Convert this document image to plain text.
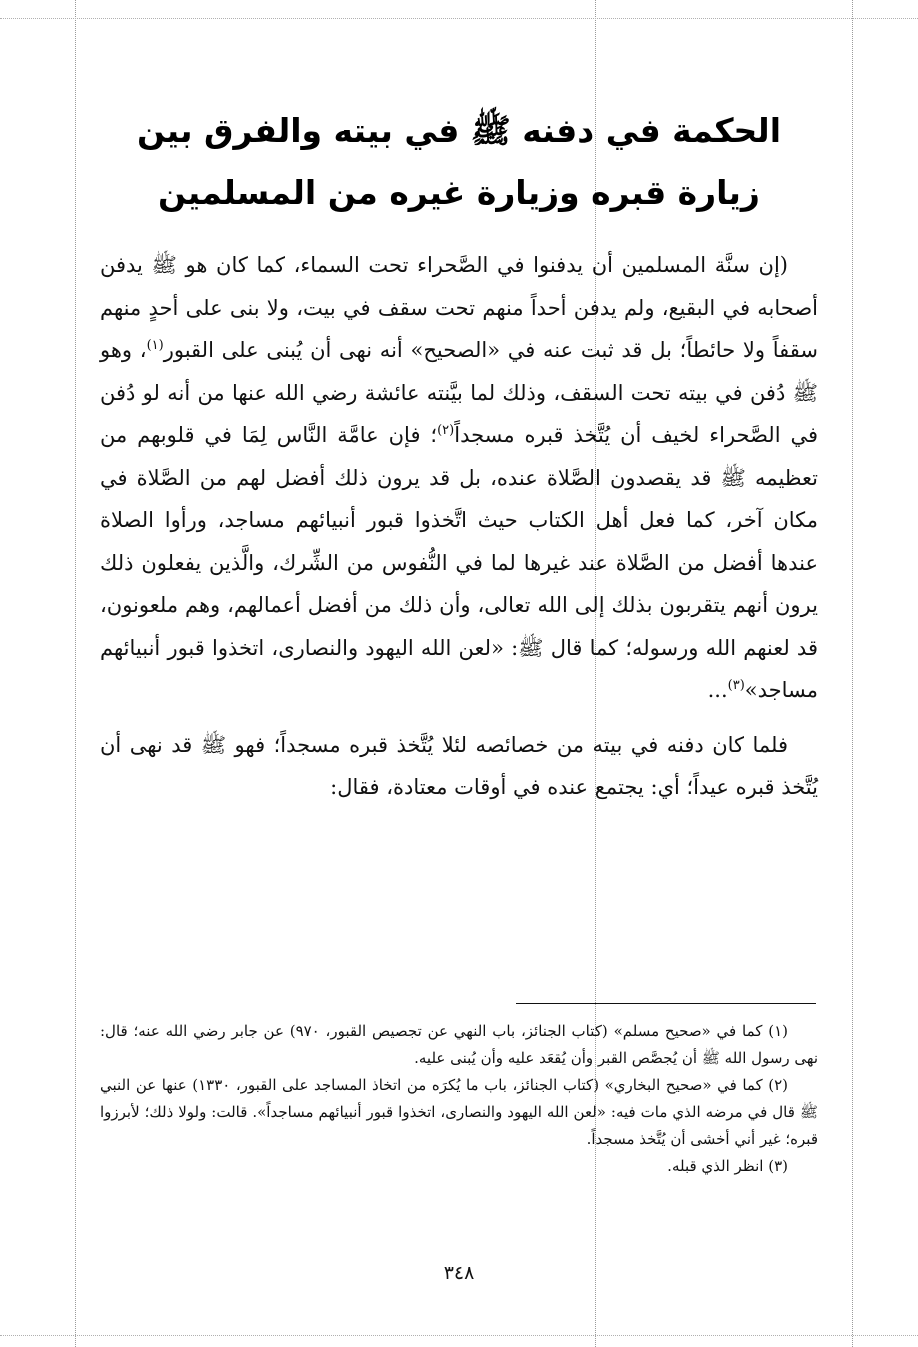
الحكمة في دفنه ﷺ في بيته والفرق بين زيارة قبره وزيارة غيره من المسلمين

(إن سنَّة المسلمين أن يدفنوا في الصَّحراء تحت السماء، كما كان هو ﷺ يدفن أصحابه في البقيع، ولم يدفن أحداً منهم تحت سقف في بيت، ولا بنى على أحدٍ منهم سقفاً ولا حائطاً؛ بل قد ثبت عنه في «الصحيح» أنه نهى أن يُبنى على القبور$^{(١)}$، وهو ﷺ دُفن في بيته تحت السقف، وذلك لما بيَّنته عائشة رضي الله عنها من أنه لو دُفن في الصَّحراء لخيف أن يُتَّخذ قبره مسجداً$^{(٢)}$؛ فإن عامَّة النَّاس لِمَا في قلوبهم من تعظيمه ﷺ قد يقصدون الصَّلاة عنده، بل قد يرون ذلك أفضل لهم من الصَّلاة في مكان آخر، كما فعل أهل الكتاب حيث اتَّخذوا قبور أنبيائهم مساجد، ورأوا الصلاة عندها أفضل من الصَّلاة عند غيرها لما في النُّفوس من الشِّرك، والَّذين يفعلون ذلك يرون أنهم يتقربون بذلك إلى الله تعالى، وأن ذلك من أفضل أعمالهم، وهم ملعونون، قد لعنهم الله ورسوله؛ كما قال ﷺ: «لعن الله اليهود والنصارى، اتخذوا قبور أنبيائهم مساجد»$^{(٣)}$...

فلما كان دفنه في بيته من خصائصه لئلا يُتَّخذ قبره مسجداً؛ فهو ﷺ قد نهى أن يُتَّخذ قبره عيداً؛ أي: يجتمع عنده في أوقات معتادة، فقال:

(١) كما في «صحيح مسلم» (كتاب الجنائز، باب النهي عن تجصيص القبور، ٩٧٠) عن جابر رضي الله عنه؛ قال: نهى رسول الله ﷺ أن يُجصَّص القبر وأن يُقعَد عليه وأن يُبنى عليه.

(٢) كما في «صحيح البخاري» (كتاب الجنائز، باب ما يُكرَه من اتخاذ المساجد على القبور، ١٣٣٠) عنها عن النبي ﷺ قال في مرضه الذي مات فيه: «لعن الله اليهود والنصارى، اتخذوا قبور أنبيائهم مساجداً». قالت: ولولا ذلك؛ لأبرزوا قبره؛ غير أني أخشى أن يُتَّخذ مسجداً.

(٣) انظر الذي قبله.

٣٤٨
